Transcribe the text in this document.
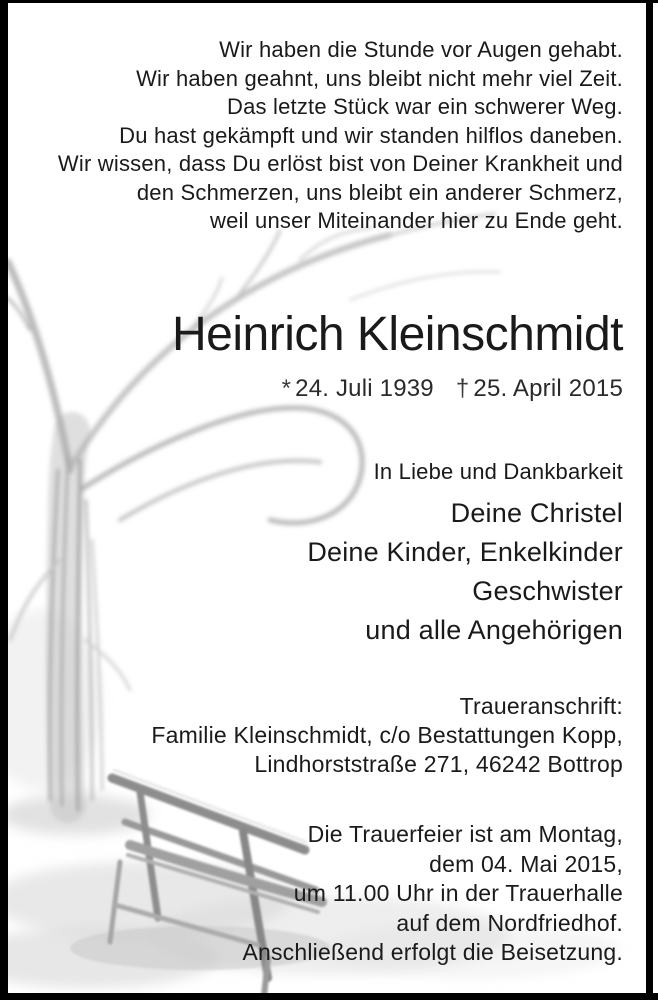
Wir haben die Stunde vor Augen gehabt.
Wir haben geahnt, uns bleibt nicht mehr viel Zeit.
Das letzte Stück war ein schwerer Weg.
Du hast gekämpft und wir standen hilflos daneben.
Wir wissen, dass Du erlöst bist von Deiner Krankheit und
den Schmerzen, uns bleibt ein anderer Schmerz,
weil unser Miteinander hier zu Ende geht.
Heinrich Kleinschmidt
* 24. Juli 1939 † 25. April 2015
In Liebe und Dankbarkeit
Deine Christel
Deine Kinder, Enkelkinder
Geschwister
und alle Angehörigen
Traueranschrift:
Familie Kleinschmidt, c/o Bestattungen Kopp,
Lindhorststraße 271, 46242 Bottrop
Die Trauerfeier ist am Montag,
dem 04. Mai 2015,
um 11.00 Uhr in der Trauerhalle
auf dem Nordfriedhof.
Anschließend erfolgt die Beisetzung.
